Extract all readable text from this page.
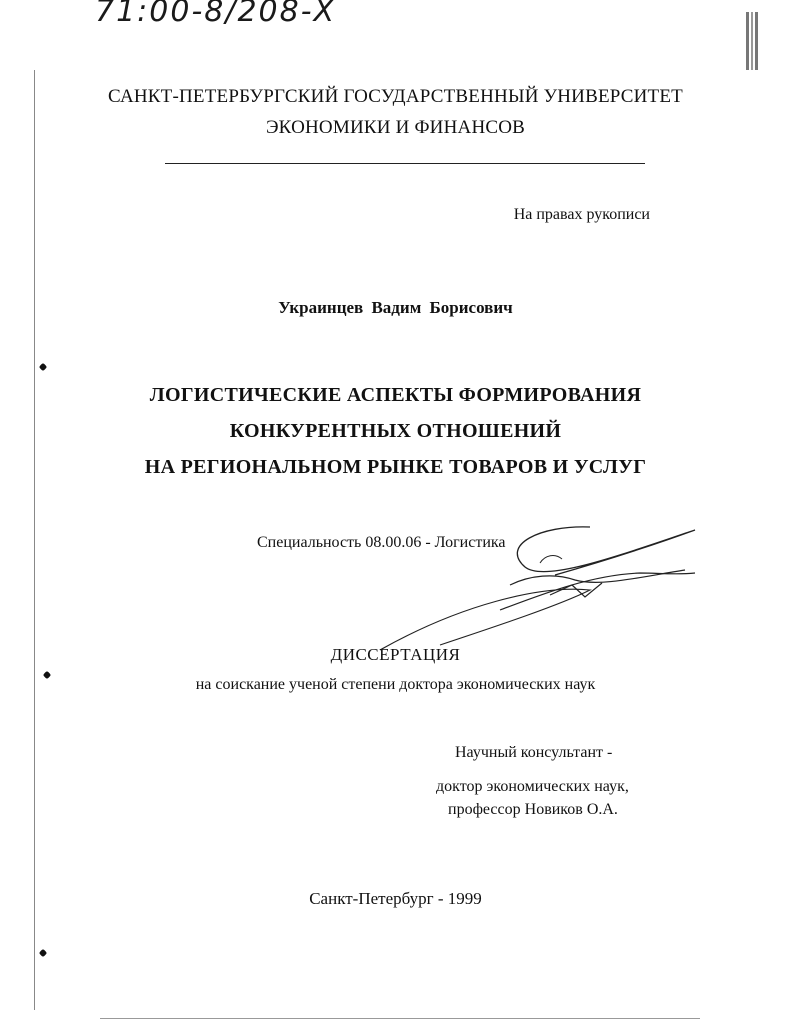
71:00-8/208-Х
САНКТ-ПЕТЕРБУРГСКИЙ ГОСУДАРСТВЕННЫЙ УНИВЕРСИТЕТ
ЭКОНОМИКИ И ФИНАНСОВ
На правах рукописи
Украинцев Вадим Борисович
ЛОГИСТИЧЕСКИЕ АСПЕКТЫ ФОРМИРОВАНИЯ
КОНКУРЕНТНЫХ ОТНОШЕНИЙ
НА РЕГИОНАЛЬНОМ РЫНКЕ ТОВАРОВ И УСЛУГ
Специальность 08.00.06 - Логистика
ДИССЕРТАЦИЯ
на соискание ученой степени доктора экономических наук
Научный консультант -
доктор экономических наук,
профессор Новиков О.А.
Санкт-Петербург - 1999
